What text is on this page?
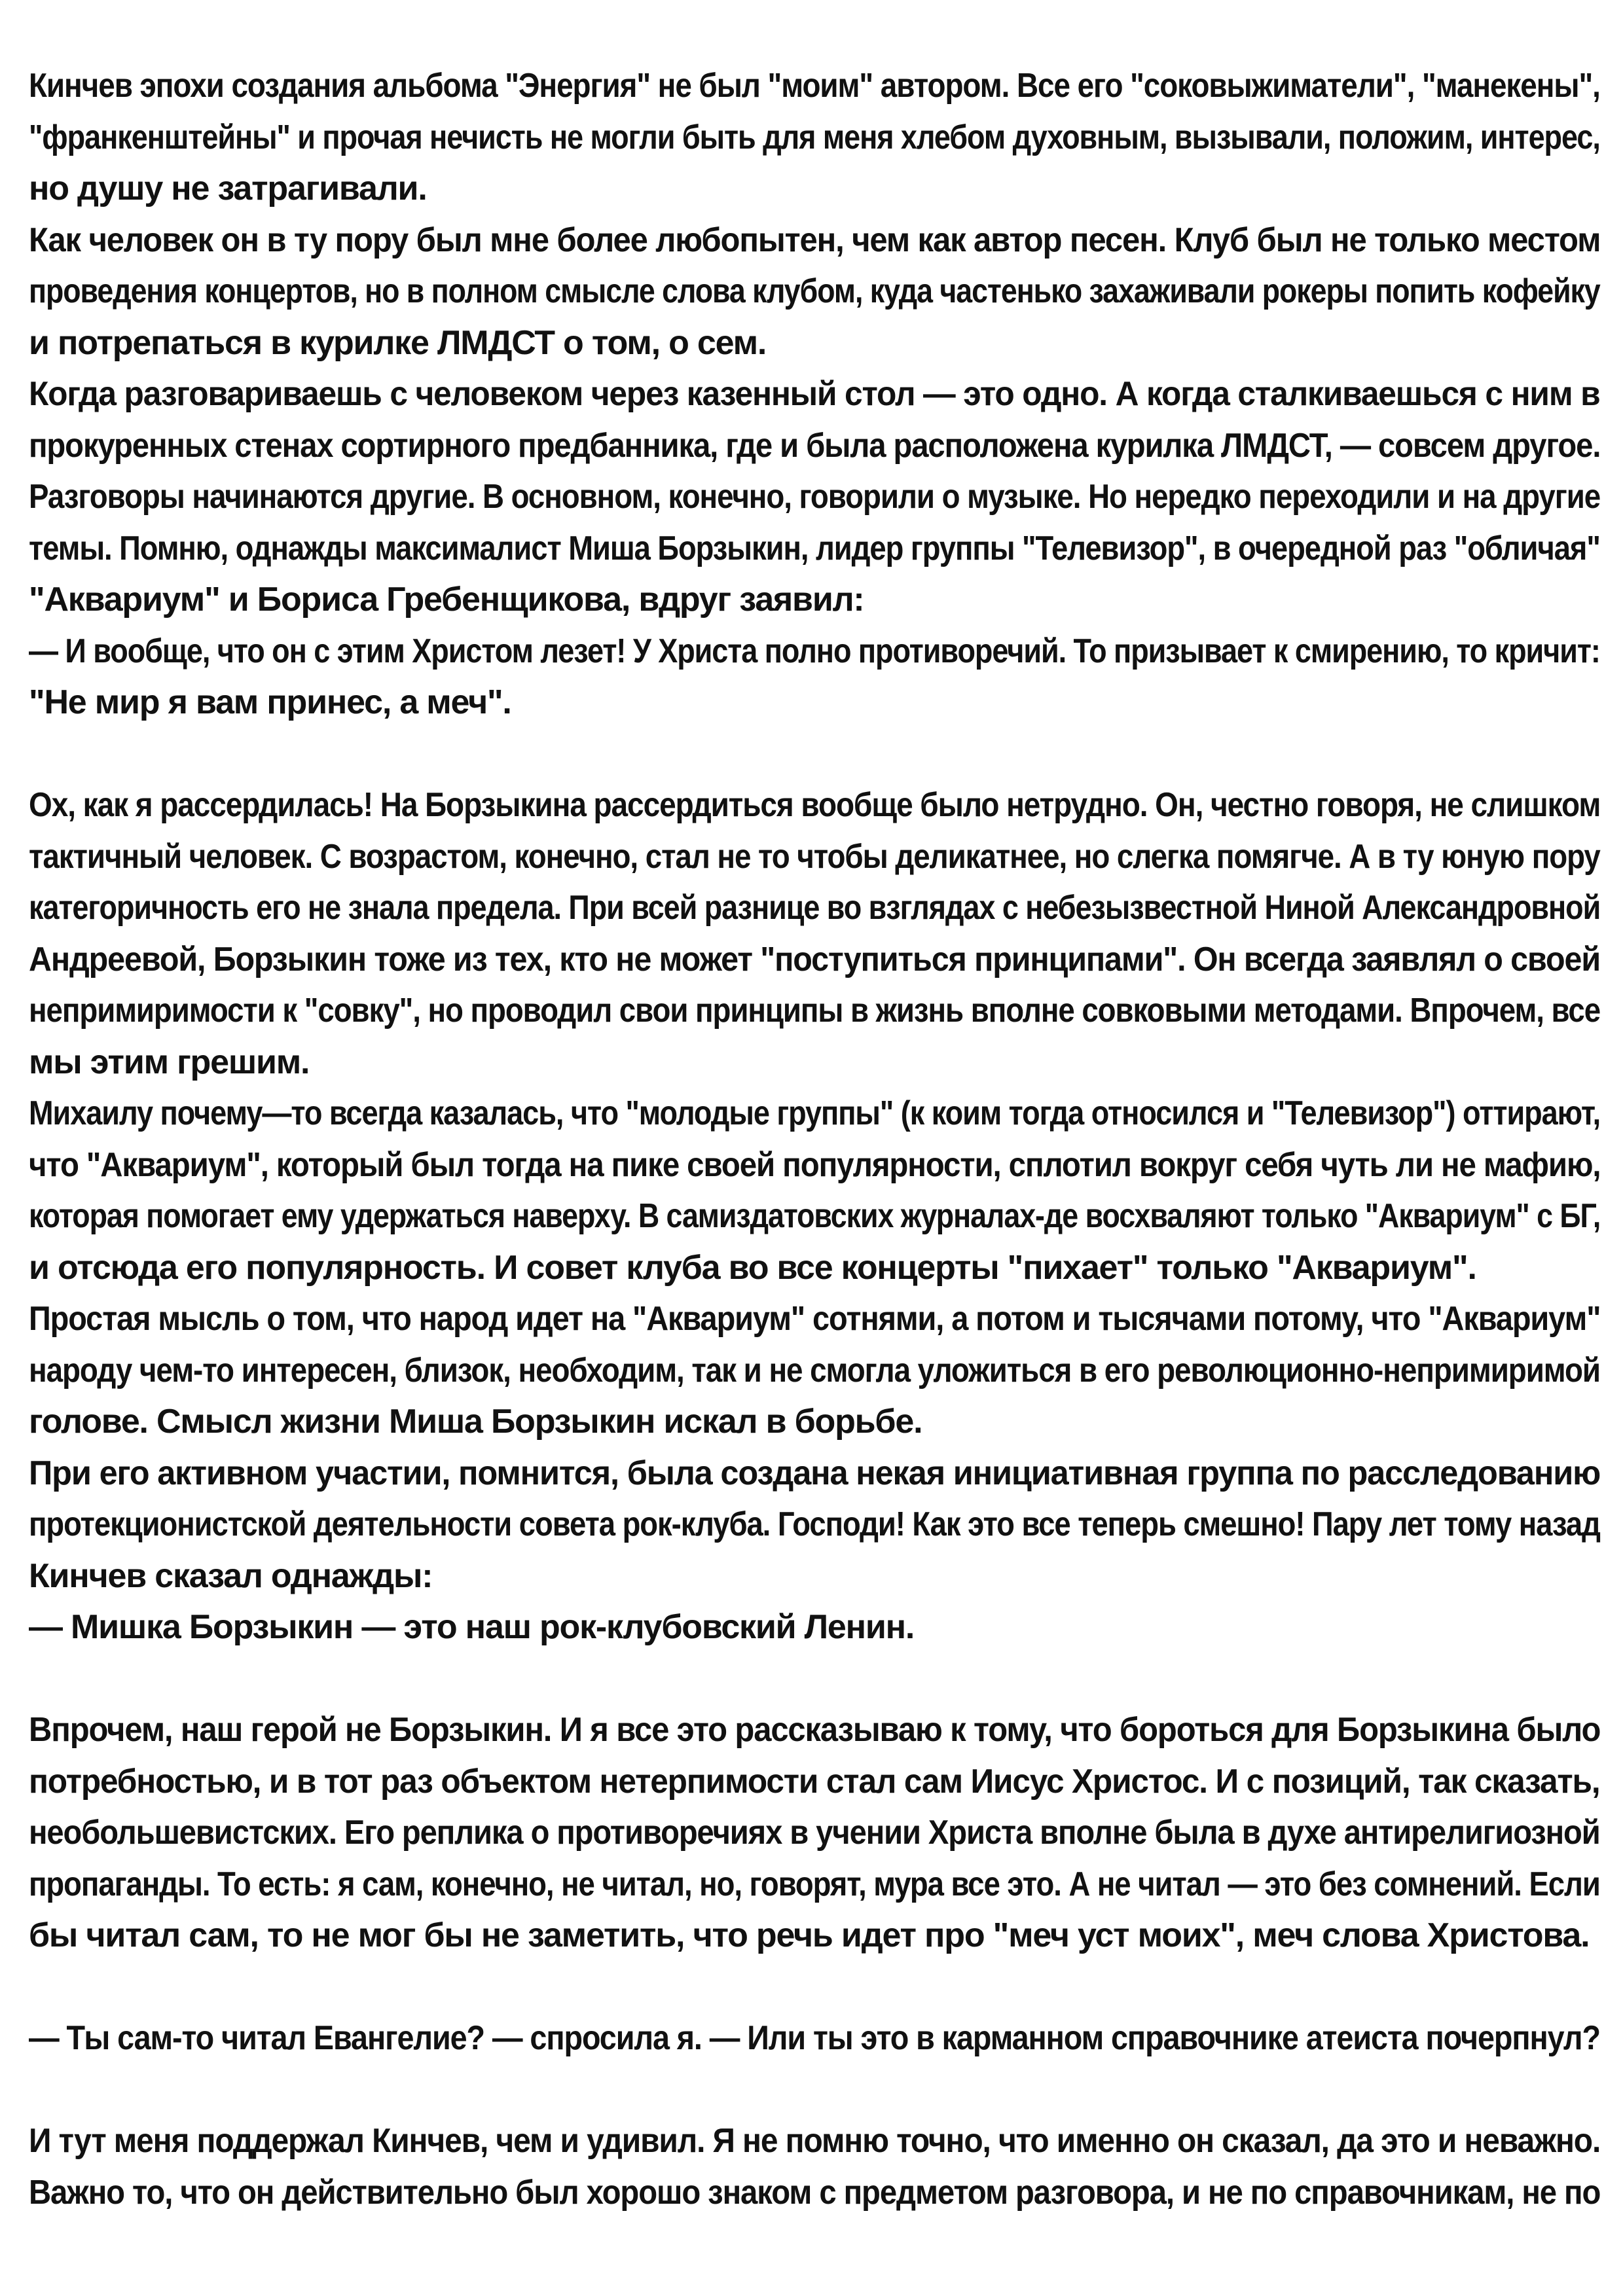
Кинчев эпохи создания альбома "Энергия" не был "моим" автором. Все его "соковыжиматели", "манекены",
"франкенштейны" и прочая нечисть не могли быть для меня хлебом духовным, вызывали, положим, интерес,
но душу не затрагивали.
Как человек он в ту пору был мне более любопытен, чем как автор песен. Клуб был не только местом
проведения концертов, но в полном смысле слова клубом, куда частенько захаживали рокеры попить кофейку
и потрепаться в курилке ЛМДСТ о том, о сем.
Когда разговариваешь с человеком через казенный стол — это одно. А когда сталкиваешься с ним в
прокуренных стенах сортирного предбанника, где и была расположена курилка ЛМДСТ, — совсем другое.
Разговоры начинаются другие. В основном, конечно, говорили о музыке. Но нередко переходили и на другие
темы. Помню, однажды максималист Миша Борзыкин, лидер группы "Телевизор", в очередной раз "обличая"
"Аквариум" и Бориса Гребенщикова, вдруг заявил:
— И вообще, что он с этим Христом лезет! У Христа полно противоречий. То призывает к смирению, то кричит:
"Не мир я вам принес, а меч".
Ох, как я рассердилась! На Борзыкина рассердиться вообще было нетрудно. Он, честно говоря, не слишком
тактичный человек. С возрастом, конечно, стал не то чтобы деликатнее, но слегка помягче. А в ту юную пору
категоричность его не знала предела. При всей разнице во взглядах с небезызвестной Ниной Александровной
Андреевой, Борзыкин тоже из тех, кто не может "поступиться принципами". Он всегда заявлял о своей
непримиримости к "совку", но проводил свои принципы в жизнь вполне совковыми методами. Впрочем, все
мы этим грешим.
Михаилу почему—то всегда казалась, что "молодые группы" (к коим тогда относился и "Телевизор") оттирают,
что "Аквариум", который был тогда на пике своей популярности, сплотил вокруг себя чуть ли не мафию,
которая помогает ему удержаться наверху. В самиздатовских журналах-де восхваляют только "Аквариум" с БГ,
и отсюда его популярность. И совет клуба во все концерты "пихает" только "Аквариум".
Простая мысль о том, что народ идет на "Аквариум" сотнями, а потом и тысячами потому, что "Аквариум"
народу чем-то интересен, близок, необходим, так и не смогла уложиться в его революционно-непримиримой
голове. Смысл жизни Миша Борзыкин искал в борьбе.
При его активном участии, помнится, была создана некая инициативная группа по расследованию
протекционистской деятельности совета рок-клуба. Господи! Как это все теперь смешно! Пару лет тому назад
Кинчев сказал однажды:
— Мишка Борзыкин — это наш рок-клубовский Ленин.
Впрочем, наш герой не Борзыкин. И я все это рассказываю к тому, что бороться для Борзыкина было
потребностью, и в тот раз объектом нетерпимости стал сам Иисус Христос. И с позиций, так сказать,
необольшевистских. Его реплика о противоречиях в учении Христа вполне была в духе антирелигиозной
пропаганды. То есть: я сам, конечно, не читал, но, говорят, мура все это. А не читал — это без сомнений. Если
бы читал сам, то не мог бы не заметить, что речь идет про "меч уст моих", меч слова Христова.
— Ты сам-то читал Евангелие? — спросила я. — Или ты это в карманном справочнике атеиста почерпнул?
И тут меня поддержал Кинчев, чем и удивил. Я не помню точно, что именно он сказал, да это и неважно.
Важно то, что он действительно был хорошо знаком с предметом разговора, и не по справочникам, не по
